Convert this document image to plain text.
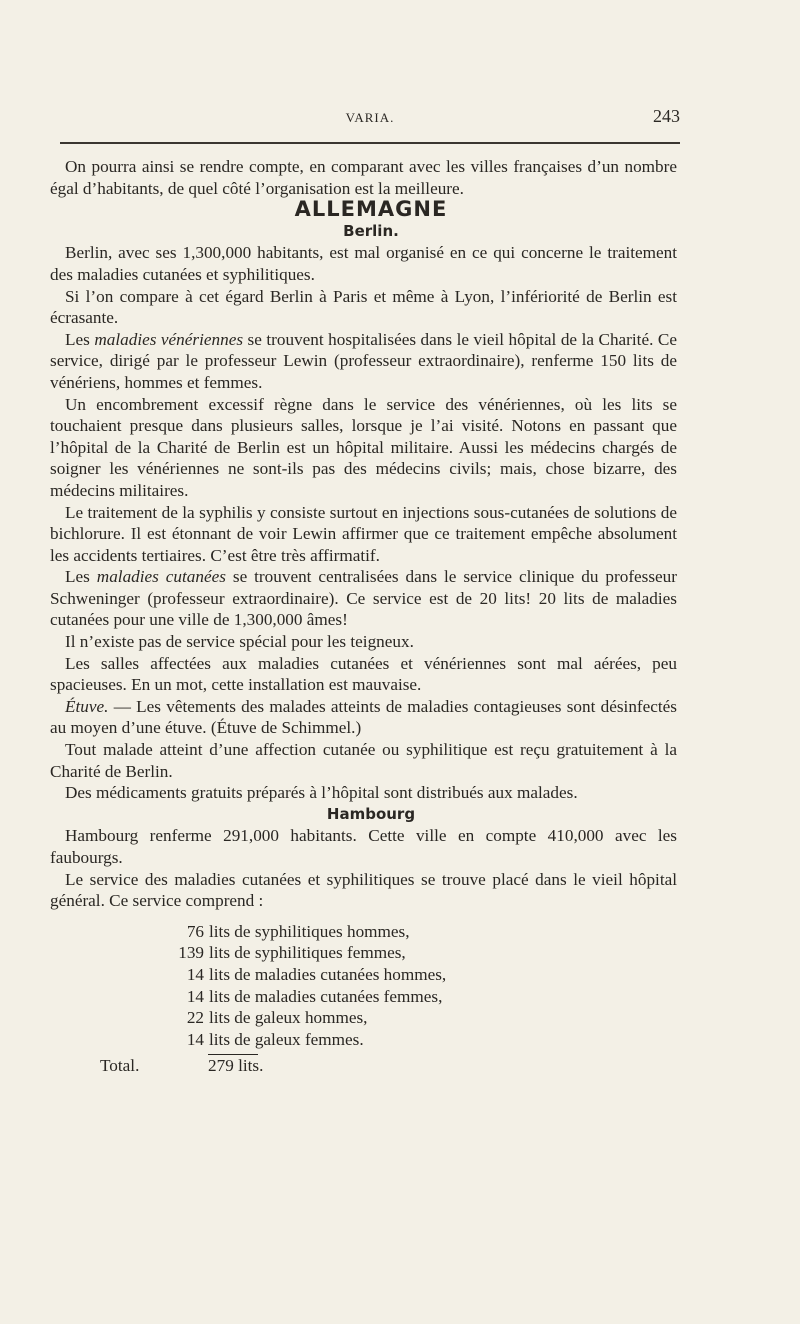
VARIA.	243

On pourra ainsi se rendre compte, en comparant avec les villes françaises d’un nombre égal d’habitants, de quel côté l’organisation est la meilleure.

ALLEMAGNE

Berlin.

Berlin, avec ses 1,300,000 habitants, est mal organisé en ce qui concerne le traitement des maladies cutanées et syphilitiques.

Si l’on compare à cet égard Berlin à Paris et même à Lyon, l’infériorité de Berlin est écrasante.

Les maladies vénériennes se trouvent hospitalisées dans le vieil hôpital de la Charité. Ce service, dirigé par le professeur Lewin (professeur extraordinaire), renferme 150 lits de vénériens, hommes et femmes.

Un encombrement excessif règne dans le service des vénériennes, où les lits se touchaient presque dans plusieurs salles, lorsque je l’ai visité. Notons en passant que l’hôpital de la Charité de Berlin est un hôpital militaire. Aussi les médecins chargés de soigner les vénériennes ne sont-ils pas des médecins civils; mais, chose bizarre, des médecins militaires.

Le traitement de la syphilis y consiste surtout en injections sous-cutanées de solutions de bichlorure. Il est étonnant de voir Lewin affirmer que ce traitement empêche absolument les accidents tertiaires. C’est être très affirmatif.

Les maladies cutanées se trouvent centralisées dans le service clinique du professeur Schweninger (professeur extraordinaire). Ce service est de 20 lits! 20 lits de maladies cutanées pour une ville de 1,300,000 âmes!

Il n’existe pas de service spécial pour les teigneux.

Les salles affectées aux maladies cutanées et vénériennes sont mal aérées, peu spacieuses. En un mot, cette installation est mauvaise.

Étuve. — Les vêtements des malades atteints de maladies contagieuses sont désinfectés au moyen d’une étuve. (Étuve de Schimmel.)

Tout malade atteint d’une affection cutanée ou syphilitique est reçu gratuitement à la Charité de Berlin.

Des médicaments gratuits préparés à l’hôpital sont distribués aux malades.

Hambourg

Hambourg renferme 291,000 habitants. Cette ville en compte 410,000 avec les faubourgs.

Le service des maladies cutanées et syphilitiques se trouve placé dans le vieil hôpital général. Ce service comprend :

76 lits de syphilitiques hommes,
139 lits de syphilitiques femmes,
14 lits de maladies cutanées hommes,
14 lits de maladies cutanées femmes,
22 lits de galeux hommes,
14 lits de galeux femmes.
Total.	279 lits.
